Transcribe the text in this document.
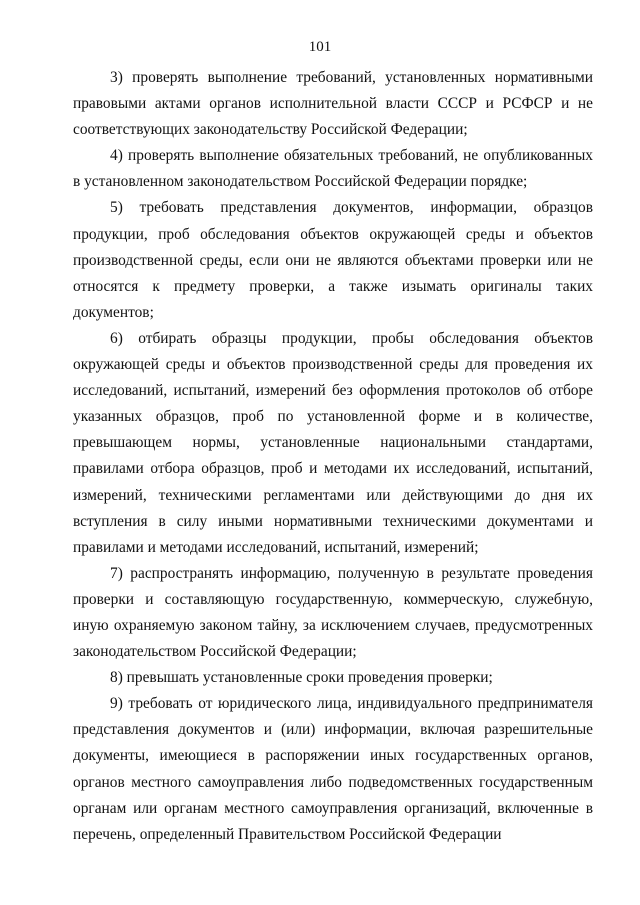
101

3) проверять выполнение требований, установленных нормативными правовыми актами органов исполнительной власти СССР и РСФСР и не соответствующих законодательству Российской Федерации;

4) проверять выполнение обязательных требований, не опубликованных в установленном законодательством Российской Федерации порядке;

5) требовать представления документов, информации, образцов продукции, проб обследования объектов окружающей среды и объектов производственной среды, если они не являются объектами проверки или не относятся к предмету проверки, а также изымать оригиналы таких документов;

6) отбирать образцы продукции, пробы обследования объектов окружающей среды и объектов производственной среды для проведения их исследований, испытаний, измерений без оформления протоколов об отборе указанных образцов, проб по установленной форме и в количестве, превышающем нормы, установленные национальными стандартами, правилами отбора образцов, проб и методами их исследований, испытаний, измерений, техническими регламентами или действующими до дня их вступления в силу иными нормативными техническими документами и правилами и методами исследований, испытаний, измерений;

7) распространять информацию, полученную в результате проведения проверки и составляющую государственную, коммерческую, служебную, иную охраняемую законом тайну, за исключением случаев, предусмотренных законодательством Российской Федерации;

8) превышать установленные сроки проведения проверки;

9) требовать от юридического лица, индивидуального предпринимателя представления документов и (или) информации, включая разрешительные документы, имеющиеся в распоряжении иных государственных органов, органов местного самоуправления либо подведомственных государственным органам или органам местного самоуправления организаций, включенные в перечень, определенный Правительством Российской Федерации
